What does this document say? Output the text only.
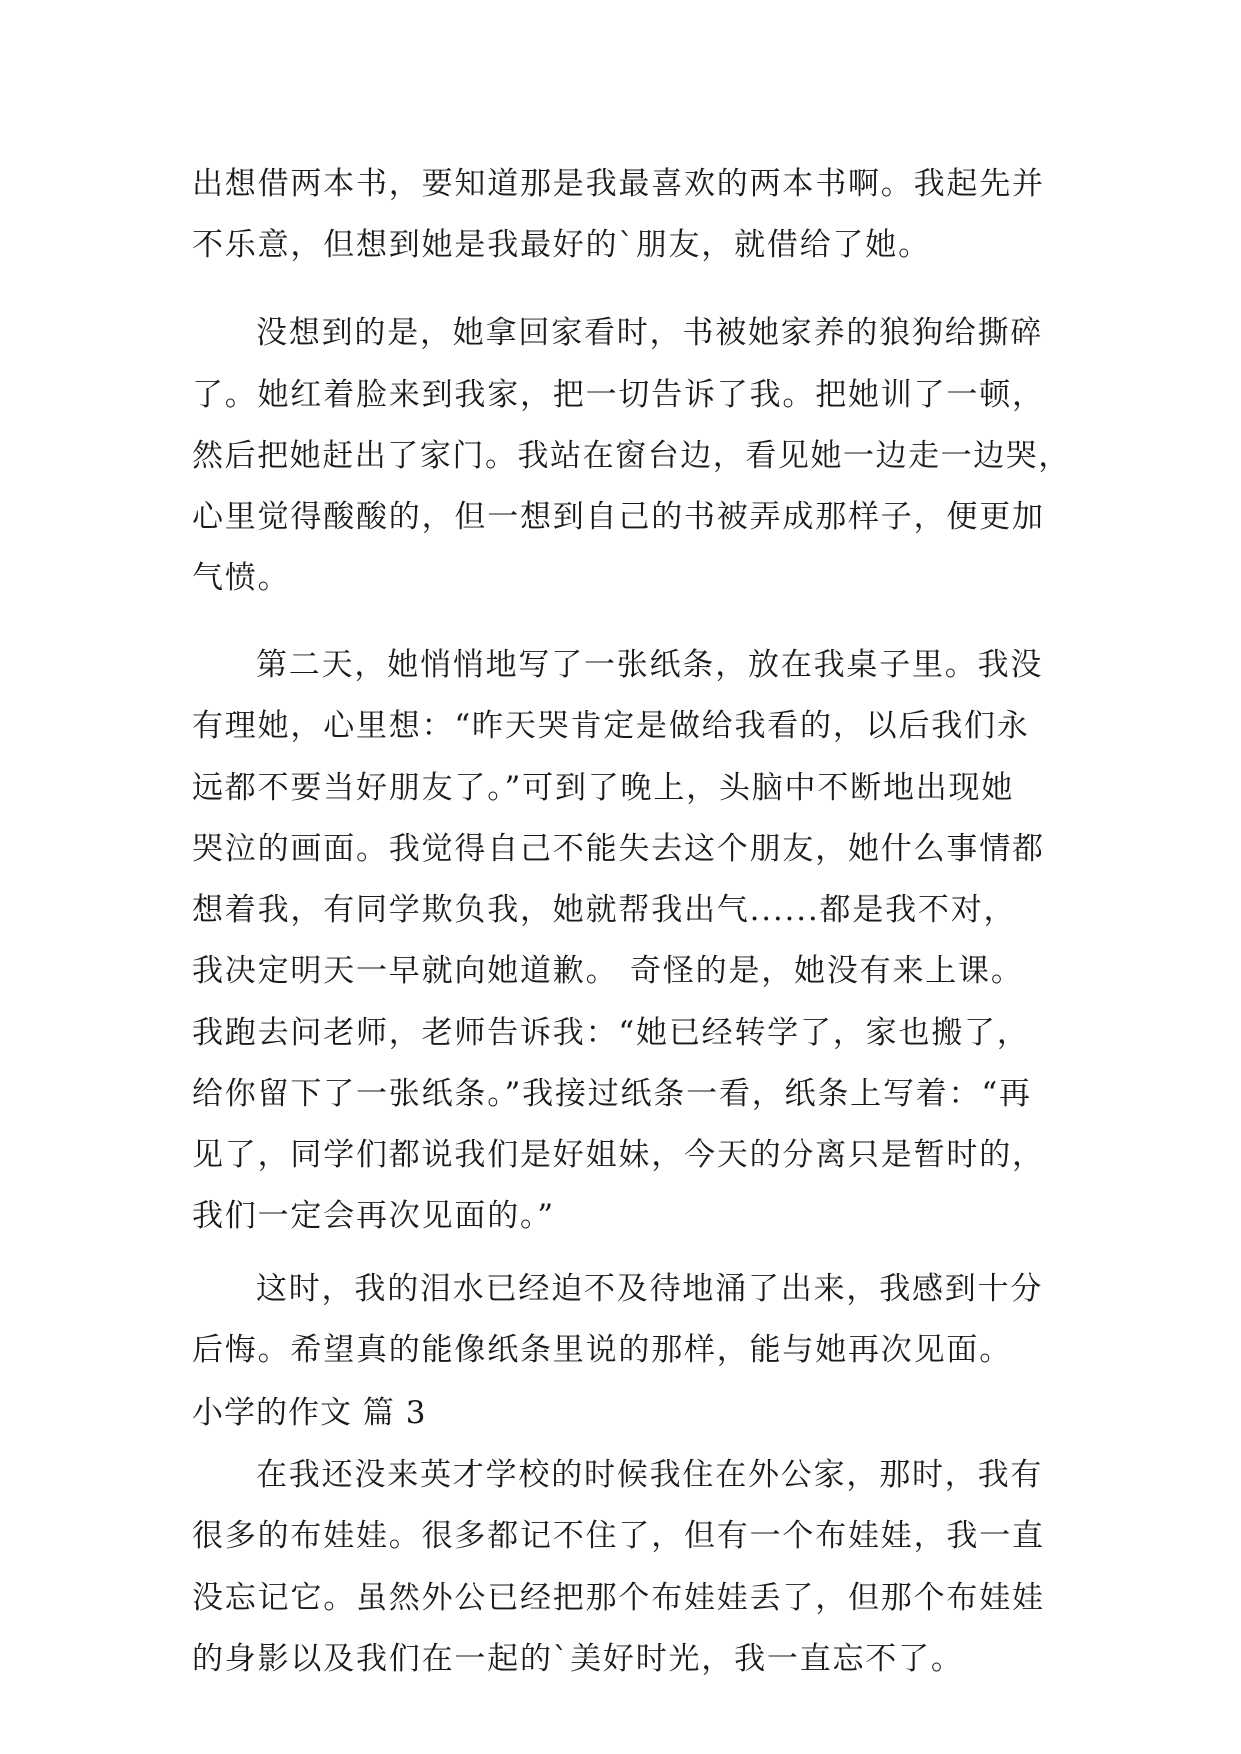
出想借两本书，要知道那是我最喜欢的两本书啊。我起先并
不乐意，但想到她是我最好的`朋友，就借给了她。
没想到的是，她拿回家看时，书被她家养的狼狗给撕碎
了。她红着脸来到我家，把一切告诉了我。把她训了一顿，
然后把她赶出了家门。我站在窗台边，看见她一边走一边哭，
心里觉得酸酸的，但一想到自己的书被弄成那样子，便更加
气愤。
第二天，她悄悄地写了一张纸条，放在我桌子里。我没
有理她，心里想：“昨天哭肯定是做给我看的，以后我们永
远都不要当好朋友了。”可到了晚上，头脑中不断地出现她
哭泣的画面。我觉得自己不能失去这个朋友，她什么事情都
想着我，有同学欺负我，她就帮我出气......都是我不对，
我决定明天一早就向她道歉。 奇怪的是，她没有来上课。
我跑去问老师，老师告诉我：“她已经转学了，家也搬了，
给你留下了一张纸条。”我接过纸条一看，纸条上写着：“再
见了，同学们都说我们是好姐妹，今天的分离只是暂时的，
我们一定会再次见面的。”
这时，我的泪水已经迫不及待地涌了出来，我感到十分
后悔。希望真的能像纸条里说的那样，能与她再次见面。
小学的作文 篇 3
在我还没来英才学校的时候我住在外公家，那时，我有
很多的布娃娃。很多都记不住了，但有一个布娃娃，我一直
没忘记它。虽然外公已经把那个布娃娃丢了，但那个布娃娃
的身影以及我们在一起的`美好时光，我一直忘不了。
